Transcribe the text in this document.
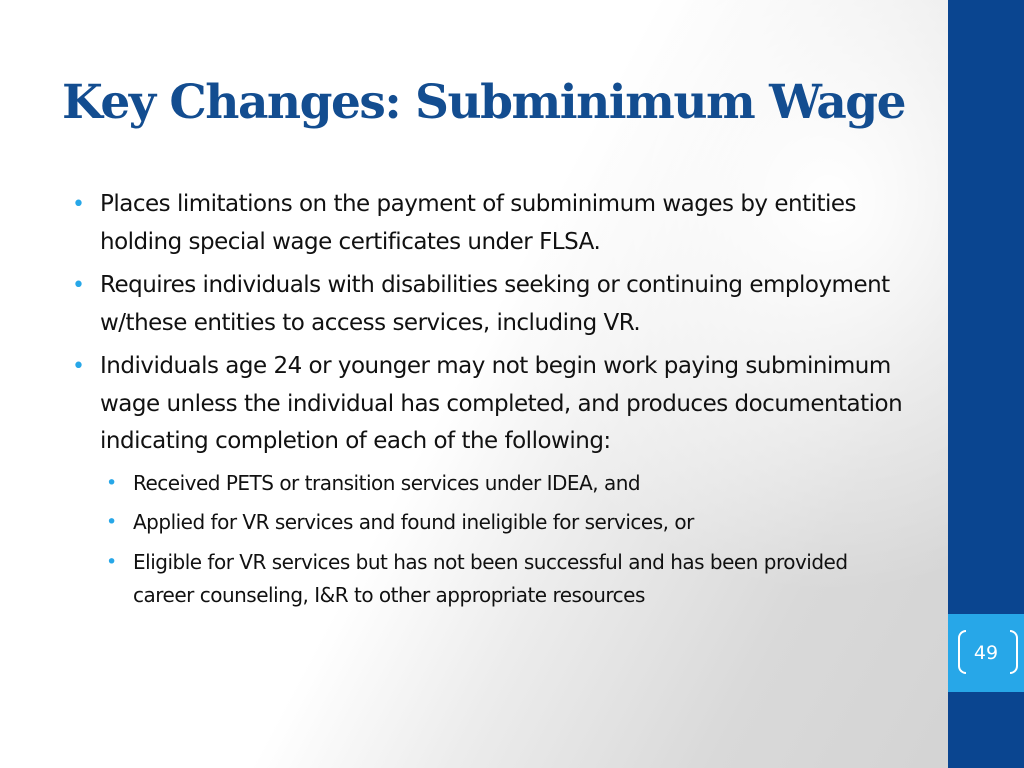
49
Key Changes: Subminimum Wage
• Places limitations on the payment of subminimum wages by entities holding special wage certificates under FLSA.
• Requires individuals with disabilities seeking or continuing employment w/these entities to access services, including VR.
• Individuals age 24 or younger may not begin work paying subminimum wage unless the individual has completed, and produces documentation indicating completion of each of the following:
• Received PETS or transition services under IDEA, and
• Applied for VR services and found ineligible for services, or
• Eligible for VR services but has not been successful and has been provided career counseling, I&R to other appropriate resources
